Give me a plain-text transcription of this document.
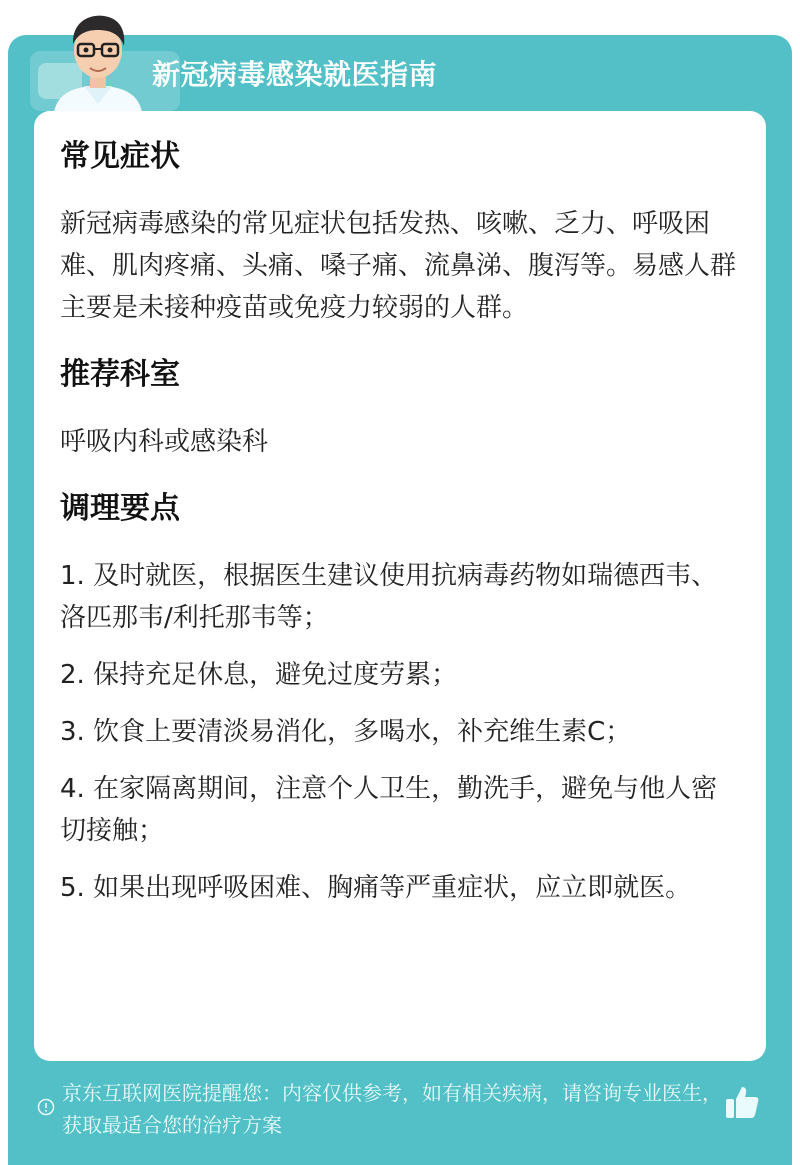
新冠病毒感染就医指南
常见症状
新冠病毒感染的常见症状包括发热、咳嗽、乏力、呼吸困难、肌肉疼痛、头痛、嗓子痛、流鼻涕、腹泻等。易感人群主要是未接种疫苗或免疫力较弱的人群。
推荐科室
呼吸内科或感染科
调理要点
1. 及时就医，根据医生建议使用抗病毒药物如瑞德西韦、洛匹那韦/利托那韦等；
2. 保持充足休息，避免过度劳累；
3. 饮食上要清淡易消化，多喝水，补充维生素C；
4. 在家隔离期间，注意个人卫生，勤洗手，避免与他人密切接触；
5. 如果出现呼吸困难、胸痛等严重症状，应立即就医。
京东互联网医院提醒您：内容仅供参考，如有相关疾病，请咨询专业医生，获取最适合您的治疗方案
